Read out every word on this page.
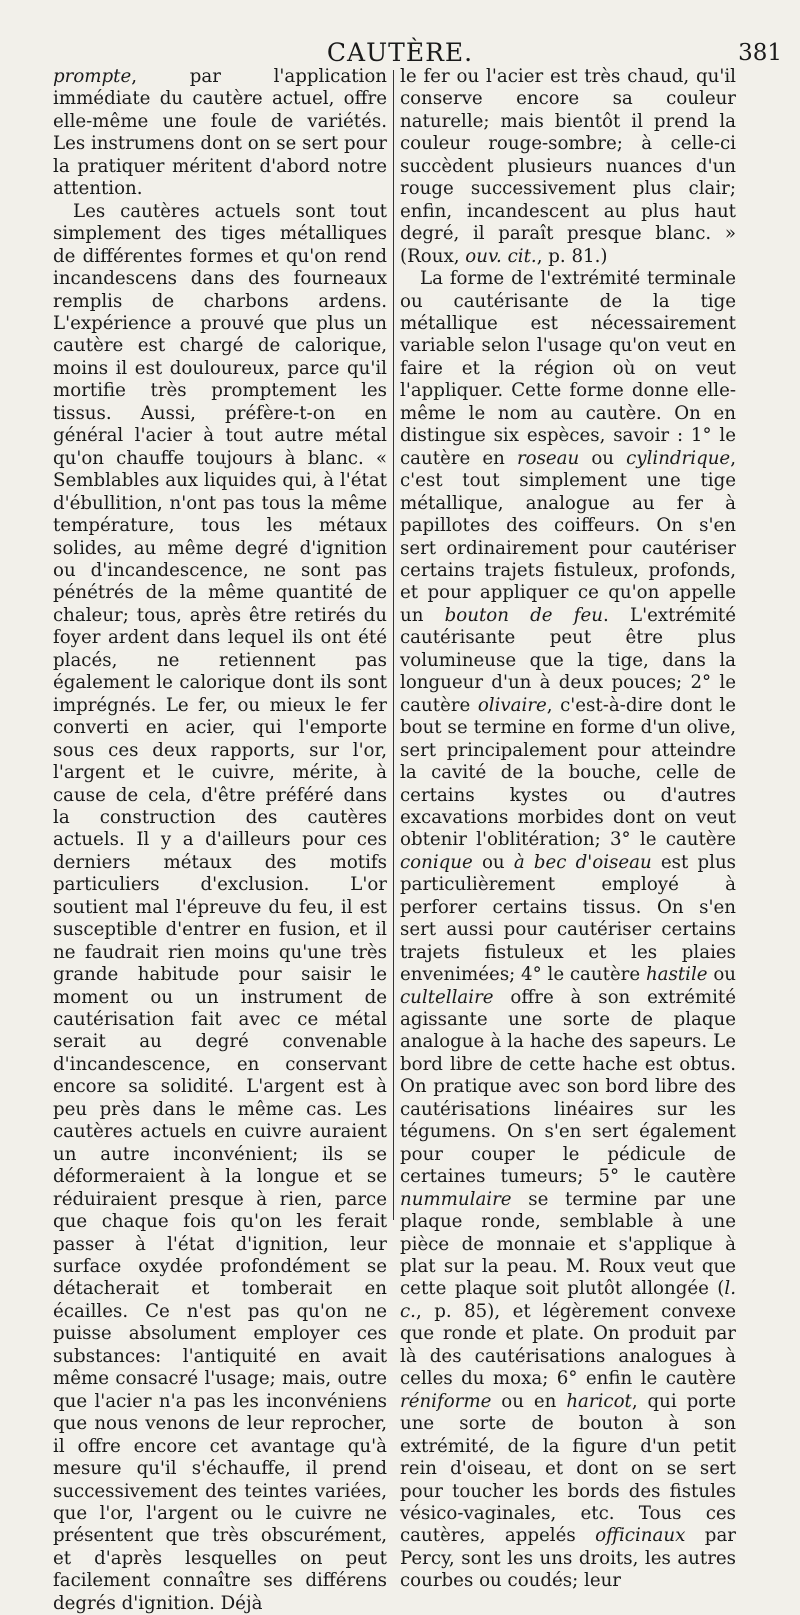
CAUTÈRE.	381

prompte, par l'application immédiate du cautère actuel, offre elle-même une foule de variétés. Les instrumens dont on se sert pour la pratiquer méritent d'abord notre attention.

Les cautères actuels sont tout simplement des tiges métalliques de différentes formes et qu'on rend incandescens dans des fourneaux remplis de charbons ardens. L'expérience a prouvé que plus un cautère est chargé de calorique, moins il est douloureux, parce qu'il mortifie très promptement les tissus. Aussi, préfère-t-on en général l'acier à tout autre métal qu'on chauffe toujours à blanc. « Semblables aux liquides qui, à l'état d'ébullition, n'ont pas tous la même température, tous les métaux solides, au même degré d'ignition ou d'incandescence, ne sont pas pénétrés de la même quantité de chaleur; tous, après être retirés du foyer ardent dans lequel ils ont été placés, ne retiennent pas également le calorique dont ils sont imprégnés. Le fer, ou mieux le fer converti en acier, qui l'emporte sous ces deux rapports, sur l'or, l'argent et le cuivre, mérite, à cause de cela, d'être préféré dans la construction des cautères actuels. Il y a d'ailleurs pour ces derniers métaux des motifs particuliers d'exclusion. L'or soutient mal l'épreuve du feu, il est susceptible d'entrer en fusion, et il ne faudrait rien moins qu'une très grande habitude pour saisir le moment ou un instrument de cautérisation fait avec ce métal serait au degré convenable d'incandescence, en conservant encore sa solidité. L'argent est à peu près dans le même cas. Les cautères actuels en cuivre auraient un autre inconvénient; ils se déformeraient à la longue et se réduiraient presque à rien, parce que chaque fois qu'on les ferait passer à l'état d'ignition, leur surface oxydée profondément se détacherait et tomberait en écailles. Ce n'est pas qu'on ne puisse absolument employer ces substances: l'antiquité en avait même consacré l'usage; mais, outre que l'acier n'a pas les inconvéniens que nous venons de leur reprocher, il offre encore cet avantage qu'à mesure qu'il s'échauffe, il prend successivement des teintes variées, que l'or, l'argent ou le cuivre ne présentent que très obscurément, et d'après lesquelles on peut facilement connaître ses différens degrés d'ignition. Déjà

le fer ou l'acier est très chaud, qu'il conserve encore sa couleur naturelle; mais bientôt il prend la couleur rouge-sombre; à celle-ci succèdent plusieurs nuances d'un rouge successivement plus clair; enfin, incandescent au plus haut degré, il paraît presque blanc. » (Roux, ouv. cit., p. 81.)

La forme de l'extrémité terminale ou cautérisante de la tige métallique est nécessairement variable selon l'usage qu'on veut en faire et la région où on veut l'appliquer. Cette forme donne elle-même le nom au cautère. On en distingue six espèces, savoir : 1° le cautère en roseau ou cylindrique, c'est tout simplement une tige métallique, analogue au fer à papillotes des coiffeurs. On s'en sert ordinairement pour cautériser certains trajets fistuleux, profonds, et pour appliquer ce qu'on appelle un bouton de feu. L'extrémité cautérisante peut être plus volumineuse que la tige, dans la longueur d'un à deux pouces; 2° le cautère olivaire, c'est-à-dire dont le bout se termine en forme d'un olive, sert principalement pour atteindre la cavité de la bouche, celle de certains kystes ou d'autres excavations morbides dont on veut obtenir l'oblitération; 3° le cautère conique ou à bec d'oiseau est plus particulièrement employé à perforer certains tissus. On s'en sert aussi pour cautériser certains trajets fistuleux et les plaies envenimées; 4° le cautère hastile ou cultellaire offre à son extrémité agissante une sorte de plaque analogue à la hache des sapeurs. Le bord libre de cette hache est obtus. On pratique avec son bord libre des cautérisations linéaires sur les tégumens. On s'en sert également pour couper le pédicule de certaines tumeurs; 5° le cautère nummulaire se termine par une plaque ronde, semblable à une pièce de monnaie et s'applique à plat sur la peau. M. Roux veut que cette plaque soit plutôt allongée (l. c., p. 85), et légèrement convexe que ronde et plate. On produit par là des cautérisations analogues à celles du moxa; 6° enfin le cautère réniforme ou en haricot, qui porte une sorte de bouton à son extrémité, de la figure d'un petit rein d'oiseau, et dont on se sert pour toucher les bords des fistules vésico-vaginales, etc. Tous ces cautères, appelés officinaux par Percy, sont les uns droits, les autres courbes ou coudés; leur
